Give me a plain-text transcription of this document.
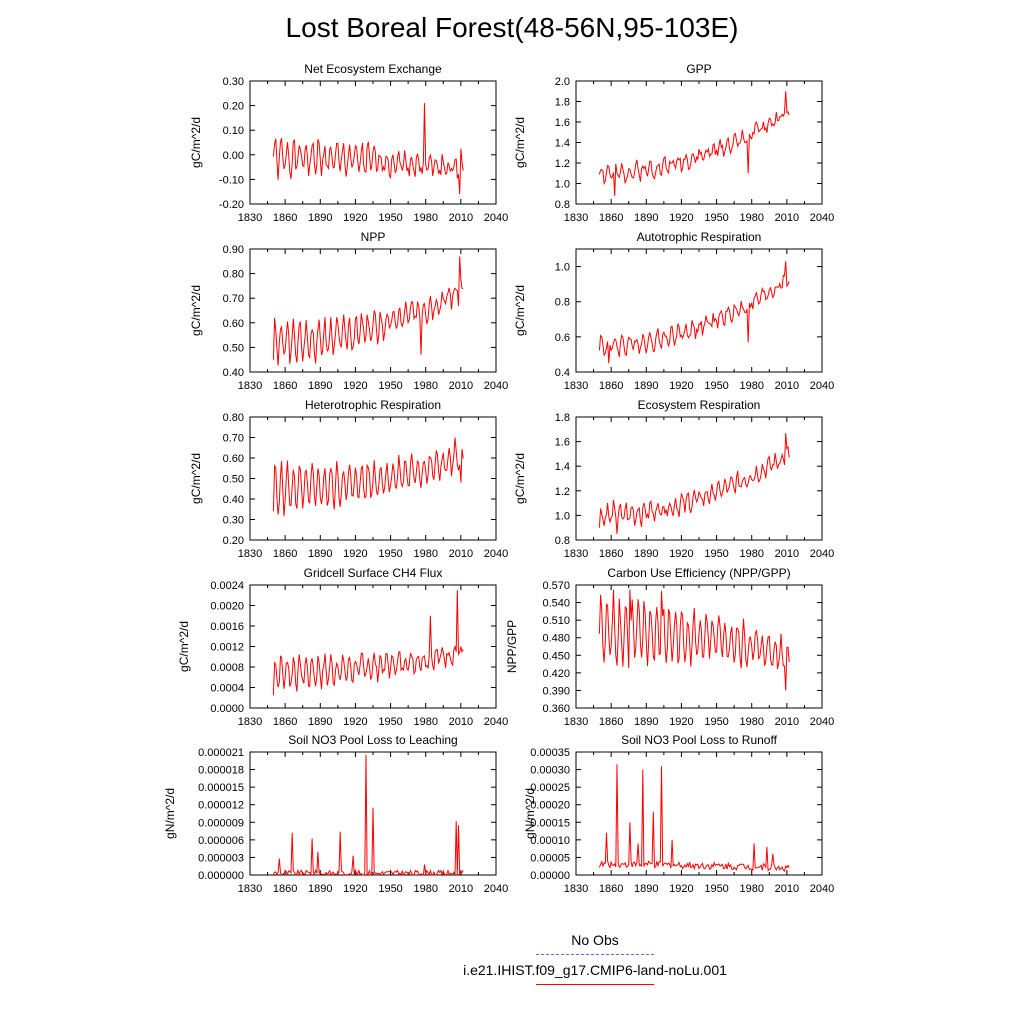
Lost Boreal Forest(48-56N,95-103E)
Net Ecosystem Exchange
1830 1860 1890 1920 1950 1980 2010 2040
-0.20
-0.10
0.00
0.10
0.20
0.30
gC/m^2/d
GPP
1830 1860 1890 1920 1950 1980 2010 2040
0.8
1.0
1.2
1.4
1.6
1.8
2.0
gC/m^2/d
NPP
1830 1860 1890 1920 1950 1980 2010 2040
0.40
0.50
0.60
0.70
0.80
0.90
gC/m^2/d
Autotrophic Respiration
1830 1860 1890 1920 1950 1980 2010 2040
0.4
0.6
0.8
1.0
gC/m^2/d
Heterotrophic Respiration
1830 1860 1890 1920 1950 1980 2010 2040
0.20
0.30
0.40
0.50
0.60
0.70
0.80
gC/m^2/d
Ecosystem Respiration
1830 1860 1890 1920 1950 1980 2010 2040
0.8
1.0
1.2
1.4
1.6
1.8
gC/m^2/d
Gridcell Surface CH4 Flux
1830 1860 1890 1920 1950 1980 2010 2040
0.0000
0.0004
0.0008
0.0012
0.0016
0.0020
0.0024
gC/m^2/d
Carbon Use Efficiency (NPP/GPP)
1830 1860 1890 1920 1950 1980 2010 2040
0.360
0.390
0.420
0.450
0.480
0.510
0.540
0.570
NPP/GPP
Soil NO3 Pool Loss to Leaching
1830 1860 1890 1920 1950 1980 2010 2040
0.000000
0.000003
0.000006
0.000009
0.000012
0.000015
0.000018
0.000021
gN/m^2/d
Soil NO3 Pool Loss to Runoff
1830 1860 1890 1920 1950 1980 2010 2040
0.00000
0.00005
0.00010
0.00015
0.00020
0.00025
0.00030
0.00035
gN/m^2/d
No Obs
i.e21.IHIST.f09_g17.CMIP6-land-noLu.001
